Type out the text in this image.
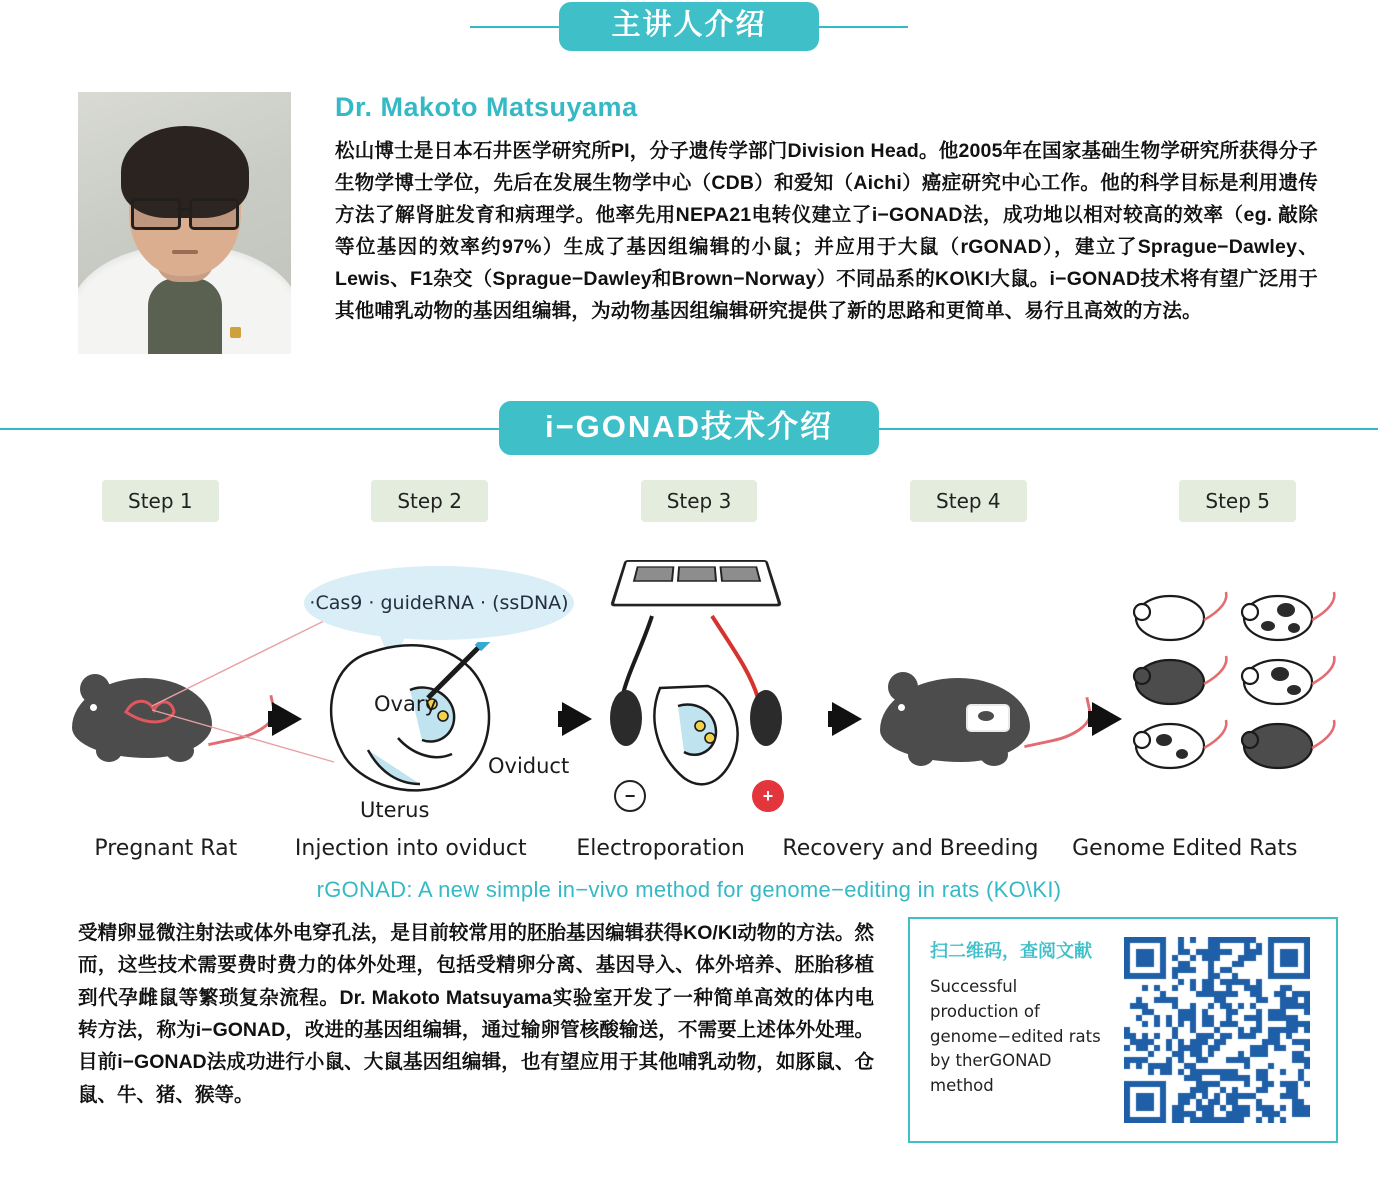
主讲人介绍
Dr. Makoto Matsuyama
松山博士是日本石井医学研究所PI，分子遗传学部门Division Head。他2005年在国家基础生物学研究所获得分子生物学博士学位，先后在发展生物学中心（CDB）和爱知（Aichi）癌症研究中心工作。他的科学目标是利用遗传方法了解肾脏发育和病理学。他率先用NEPA21电转仪建立了i−GONAD法，成功地以相对较高的效率（eg. 敲除等位基因的效率约97%）生成了基因组编辑的小鼠；并应用于大鼠（rGONAD），建立了Sprague−Dawley、Lewis、F1杂交（Sprague−Dawley和Brown−Norway）不同品系的KO\KI大鼠。i−GONAD技术将有望广泛用于其他哺乳动物的基因组编辑，为动物基因组编辑研究提供了新的思路和更简单、易行且高效的方法。
i−GONAD技术介绍
Step 1	Step 2	Step 3	Step 4	Step 5
·Cas9 · guideRNA · (ssDNA)
Ovary
Oviduct
Uterus
−	+
Pregnant Rat	Injection into oviduct	Electroporation	Recovery and Breeding	Genome Edited Rats
rGONAD: A new simple in−vivo method for genome−editing in rats (KO\KI)
受精卵显微注射法或体外电穿孔法，是目前较常用的胚胎基因编辑获得KO/KI动物的方法。然而，这些技术需要费时费力的体外处理，包括受精卵分离、基因导入、体外培养、胚胎移植到代孕雌鼠等繁琐复杂流程。Dr. Makoto Matsuyama实验室开发了一种简单高效的体内电转方法，称为i−GONAD，改进的基因组编辑，通过输卵管核酸输送，不需要上述体外处理。目前i−GONAD法成功进行小鼠、大鼠基因组编辑，也有望应用于其他哺乳动物，如豚鼠、仓鼠、牛、猪、猴等。
扫二维码，查阅文献
Successful production of genome−edited rats by therGONAD method
